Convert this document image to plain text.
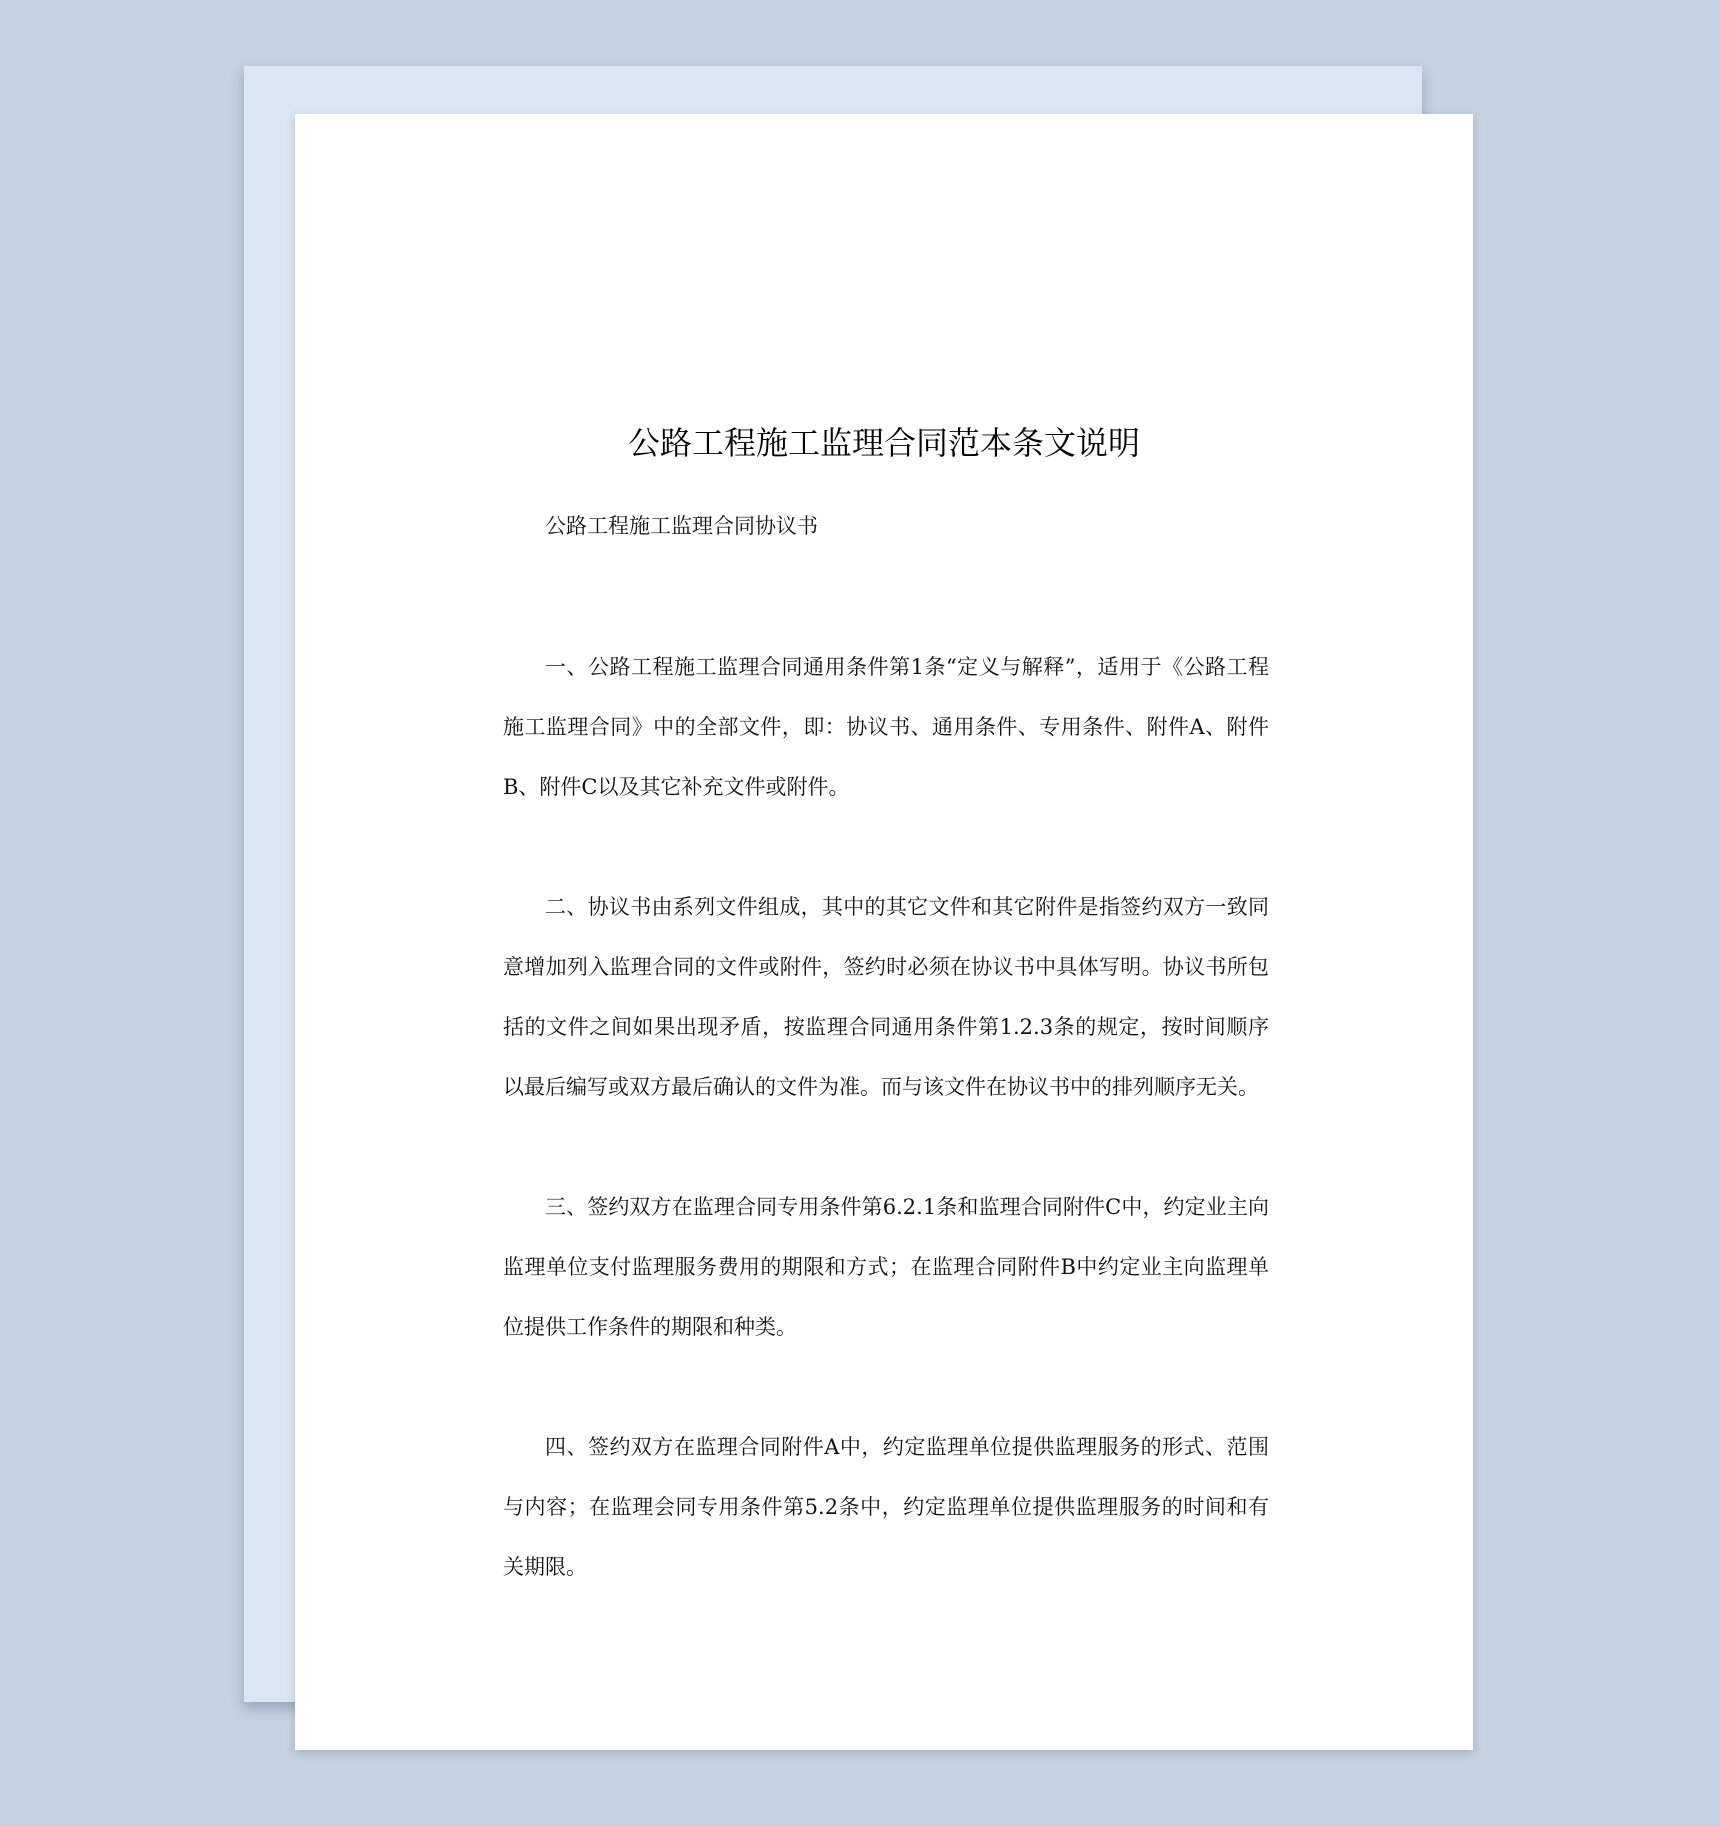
公路工程施工监理合同范本条文说明

公路工程施工监理合同协议书

一、公路工程施工监理合同通用条件第1条“定义与解释”，适用于《公路工程施工监理合同》中的全部文件，即：协议书、通用条件、专用条件、附件A、附件B、附件C以及其它补充文件或附件。

二、协议书由系列文件组成，其中的其它文件和其它附件是指签约双方一致同意增加列入监理合同的文件或附件，签约时必须在协议书中具体写明。协议书所包括的文件之间如果出现矛盾，按监理合同通用条件第1.2.3条的规定，按时间顺序以最后编写或双方最后确认的文件为准。而与该文件在协议书中的排列顺序无关。

三、签约双方在监理合同专用条件第6.2.1条和监理合同附件C中，约定业主向监理单位支付监理服务费用的期限和方式；在监理合同附件B中约定业主向监理单位提供工作条件的期限和种类。

四、签约双方在监理合同附件A中，约定监理单位提供监理服务的形式、范围与内容；在监理会同专用条件第5.2条中，约定监理单位提供监理服务的时间和有关期限。
